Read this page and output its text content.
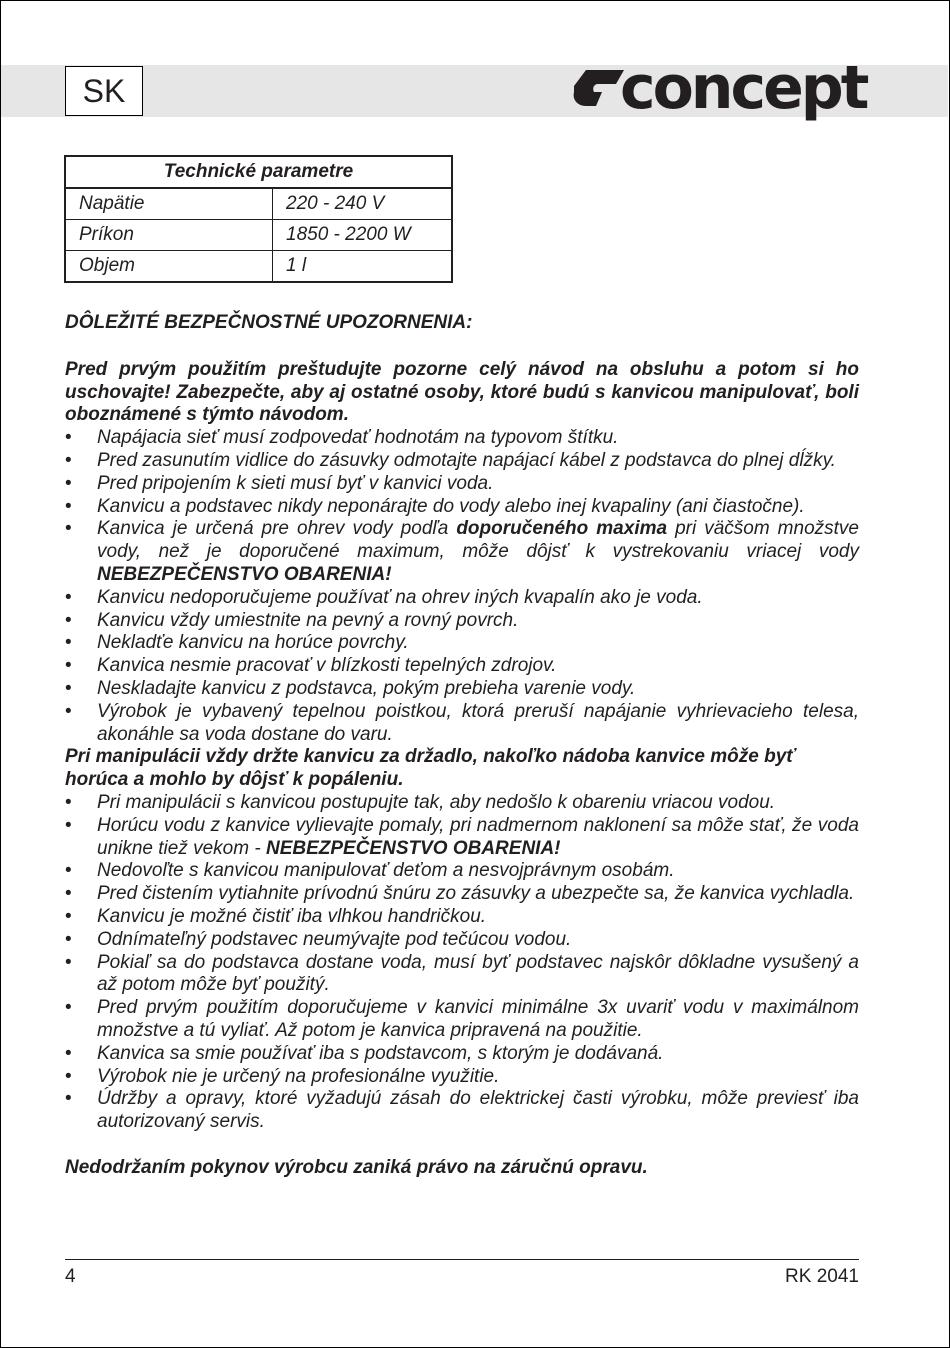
SK	concept
Technické parametre	
Napätie	220 - 240 V
Príkon	1850 - 2200 W
Objem	1 l

DÔLEŽITÉ BEZPEČNOSTNÉ UPOZORNENIA:

Pred prvým použitím preštudujte pozorne celý návod na obsluhu a potom si ho uschovajte! Zabezpečte, aby aj ostatné osoby, ktoré budú s kanvicou manipulovať, boli oboznámené s týmto návodom.

• Napájacia sieť musí zodpovedať hodnotám na typovom štítku.
• Pred zasunutím vidlice do zásuvky odmotajte napájací kábel z podstavca do plnej dĺžky.
• Pred pripojením k sieti musí byť v kanvici voda.
• Kanvicu a podstavec nikdy neponárajte do vody alebo inej kvapaliny (ani čiastočne).
• Kanvica je určená pre ohrev vody podľa doporučeného maxima pri väčšom množstve vody, než je doporučené maximum, môže dôjsť k vystrekovaniu vriacej vody NEBEZPEČENSTVO OBARENIA!
• Kanvicu nedoporučujeme používať na ohrev iných kvapalín ako je voda.
• Kanvicu vždy umiestnite na pevný a rovný povrch.
• Nekladťe kanvicu na horúce povrchy.
• Kanvica nesmie pracovať v blízkosti tepelných zdrojov.
• Neskladajte kanvicu z podstavca, pokým prebieha varenie vody.
• Výrobok je vybavený tepelnou poistkou, ktorá preruší napájanie vyhrievacieho telesa, akonáhle sa voda dostane do varu.

Pri manipulácii vždy držte kanvicu za držadlo, nakoľko nádoba kanvice môže byť horúca a mohlo by dôjsť k popáleniu.

• Pri manipulácii s kanvicou postupujte tak, aby nedošlo k obareniu vriacou vodou.
• Horúcu vodu z kanvice vylievajte pomaly, pri nadmernom naklonení sa môže stať, že voda unikne tiež vekom - NEBEZPEČENSTVO OBARENIA!
• Nedovoľte s kanvicou manipulovať deťom a nesvojprávnym osobám.
• Pred čistením vytiahnite prívodnú šnúru zo zásuvky a ubezpečte sa, že kanvica vychladla.
• Kanvicu je možné čistiť iba vlhkou handričkou.
• Odnímateľný podstavec neumývajte pod tečúcou vodou.
• Pokiaľ sa do podstavca dostane voda, musí byť podstavec najskôr dôkladne vysušený a až potom môže byť použitý.
• Pred prvým použitím doporučujeme v kanvici minimálne 3x uvariť vodu v maximálnom množstve a tú vyliať. Až potom je kanvica pripravená na použitie.
• Kanvica sa smie používať iba s podstavcom, s ktorým je dodávaná.
• Výrobok nie je určený na profesionálne využitie.
• Údržby a opravy, ktoré vyžadujú zásah do elektrickej časti výrobku, môže previesť iba autorizovaný servis.

Nedodržaním pokynov výrobcu zaniká právo na záručnú opravu.

4	RK 2041
